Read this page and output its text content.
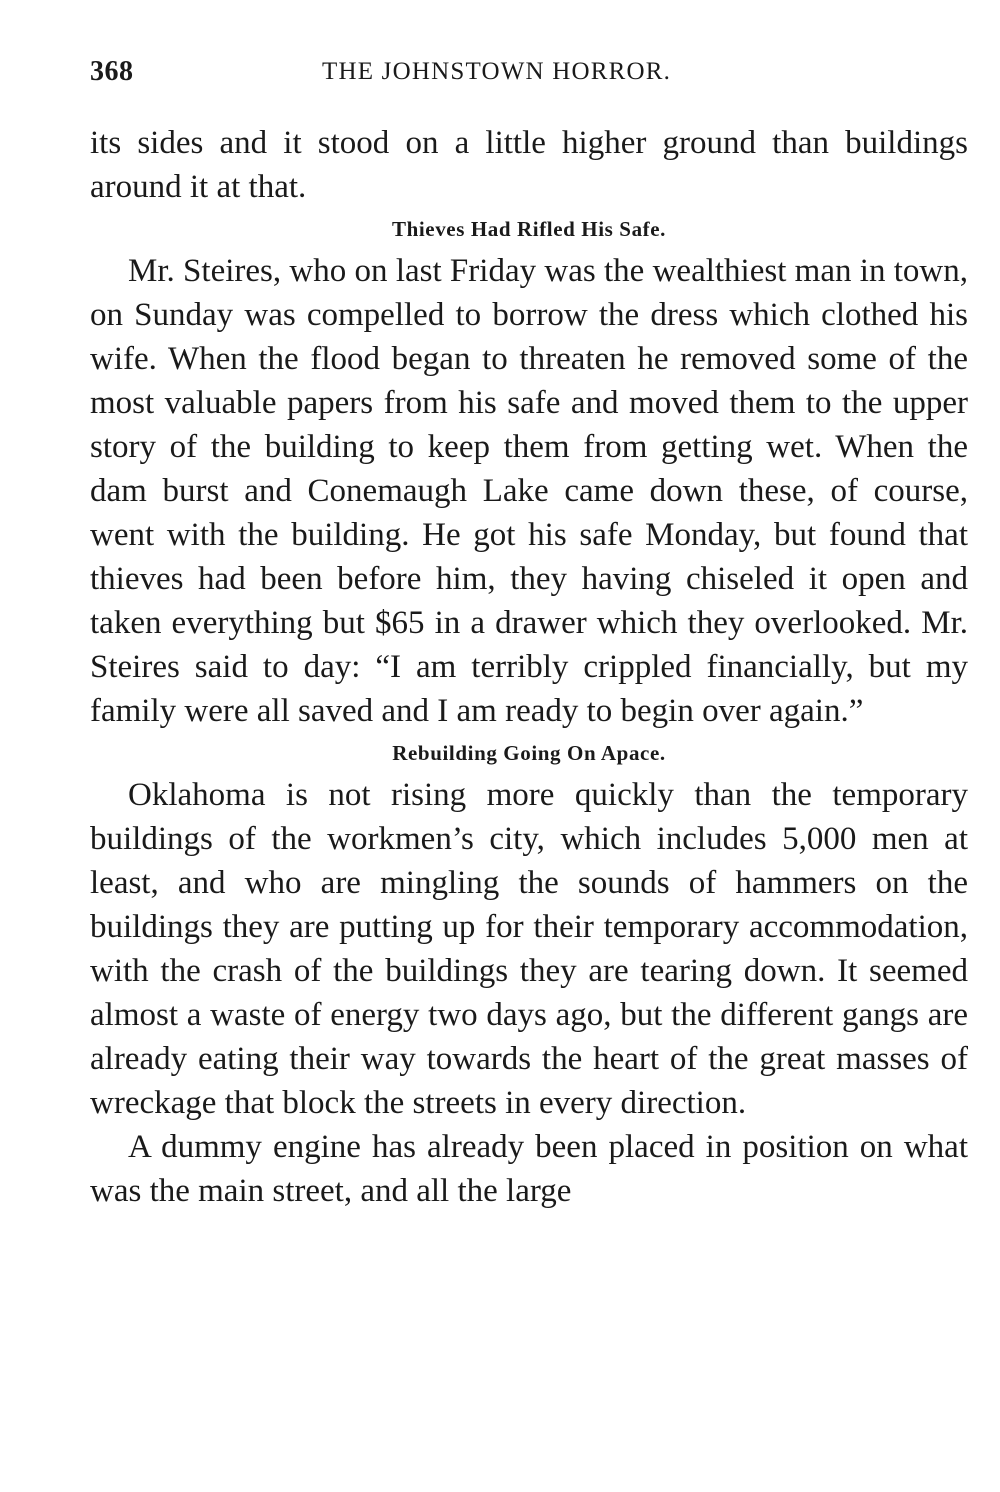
368	THE JOHNSTOWN HORROR.

its sides and it stood on a little higher ground than buildings around it at that.

Thieves Had Rifled His Safe.

Mr. Steires, who on last Friday was the wealthiest man in town, on Sunday was compelled to borrow the dress which clothed his wife. When the flood began to threaten he removed some of the most valuable papers from his safe and moved them to the upper story of the building to keep them from getting wet. When the dam burst and Conemaugh Lake came down these, of course, went with the building. He got his safe Monday, but found that thieves had been before him, they having chiseled it open and taken everything but $65 in a drawer which they overlooked. Mr. Steires said to day: “I am terribly crippled financially, but my family were all saved and I am ready to begin over again.”

Rebuilding Going On Apace.

Oklahoma is not rising more quickly than the temporary buildings of the workmen’s city, which includes 5,000 men at least, and who are mingling the sounds of hammers on the buildings they are putting up for their temporary accommodation, with the crash of the buildings they are tearing down. It seemed almost a waste of energy two days ago, but the different gangs are already eating their way towards the heart of the great masses of wreckage that block the streets in every direction.

A dummy engine has already been placed in position on what was the main street, and all the large
